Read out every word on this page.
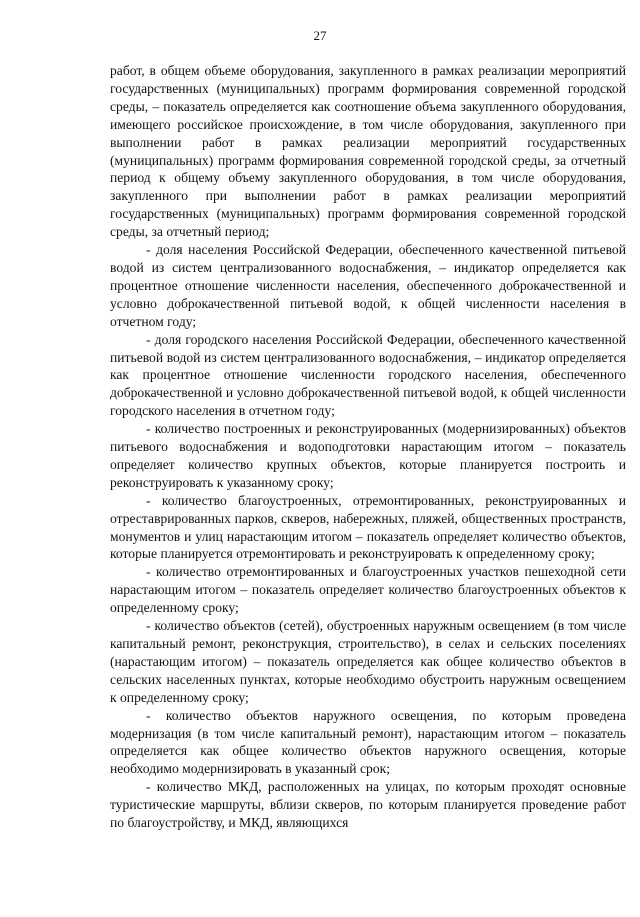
27

работ, в общем объеме оборудования, закупленного в рамках реализации мероприятий государственных (муниципальных) программ формирования современной городской среды, – показатель определяется как соотношение объема закупленного оборудования, имеющего российское происхождение, в том числе оборудования, закупленного при выполнении работ в рамках реализации мероприятий государственных (муниципальных) программ формирования современной городской среды, за отчетный период к общему объему закупленного оборудования, в том числе оборудования, закупленного при выполнении работ в рамках реализации мероприятий государственных (муниципальных) программ формирования современной городской среды, за отчетный период;

- доля населения Российской Федерации, обеспеченного качественной питьевой водой из систем централизованного водоснабжения, – индикатор определяется как процентное отношение численности населения, обеспеченного доброкачественной и условно доброкачественной питьевой водой, к общей численности населения в отчетном году;

- доля городского населения Российской Федерации, обеспеченного качественной питьевой водой из систем централизованного водоснабжения, – индикатор определяется как процентное отношение численности городского населения, обеспеченного доброкачественной и условно доброкачественной питьевой водой, к общей численности городского населения в отчетном году;

- количество построенных и реконструированных (модернизированных) объектов питьевого водоснабжения и водоподготовки нарастающим итогом – показатель определяет количество крупных объектов, которые планируется построить и реконструировать к указанному сроку;

- количество благоустроенных, отремонтированных, реконструированных и отреставрированных парков, скверов, набережных, пляжей, общественных пространств, монументов и улиц нарастающим итогом – показатель определяет количество объектов, которые планируется отремонтировать и реконструировать к определенному сроку;

- количество отремонтированных и благоустроенных участков пешеходной сети нарастающим итогом – показатель определяет количество благоустроенных объектов к определенному сроку;

- количество объектов (сетей), обустроенных наружным освещением (в том числе капитальный ремонт, реконструкция, строительство), в селах и сельских поселениях (нарастающим итогом) – показатель определяется как общее количество объектов в сельских населенных пунктах, которые необходимо обустроить наружным освещением к определенному сроку;

- количество объектов наружного освещения, по которым проведена модернизация (в том числе капитальный ремонт), нарастающим итогом – показатель определяется как общее количество объектов наружного освещения, которые необходимо модернизировать в указанный срок;

- количество МКД, расположенных на улицах, по которым проходят основные туристические маршруты, вблизи скверов, по которым планируется проведение работ по благоустройству, и МКД, являющихся
